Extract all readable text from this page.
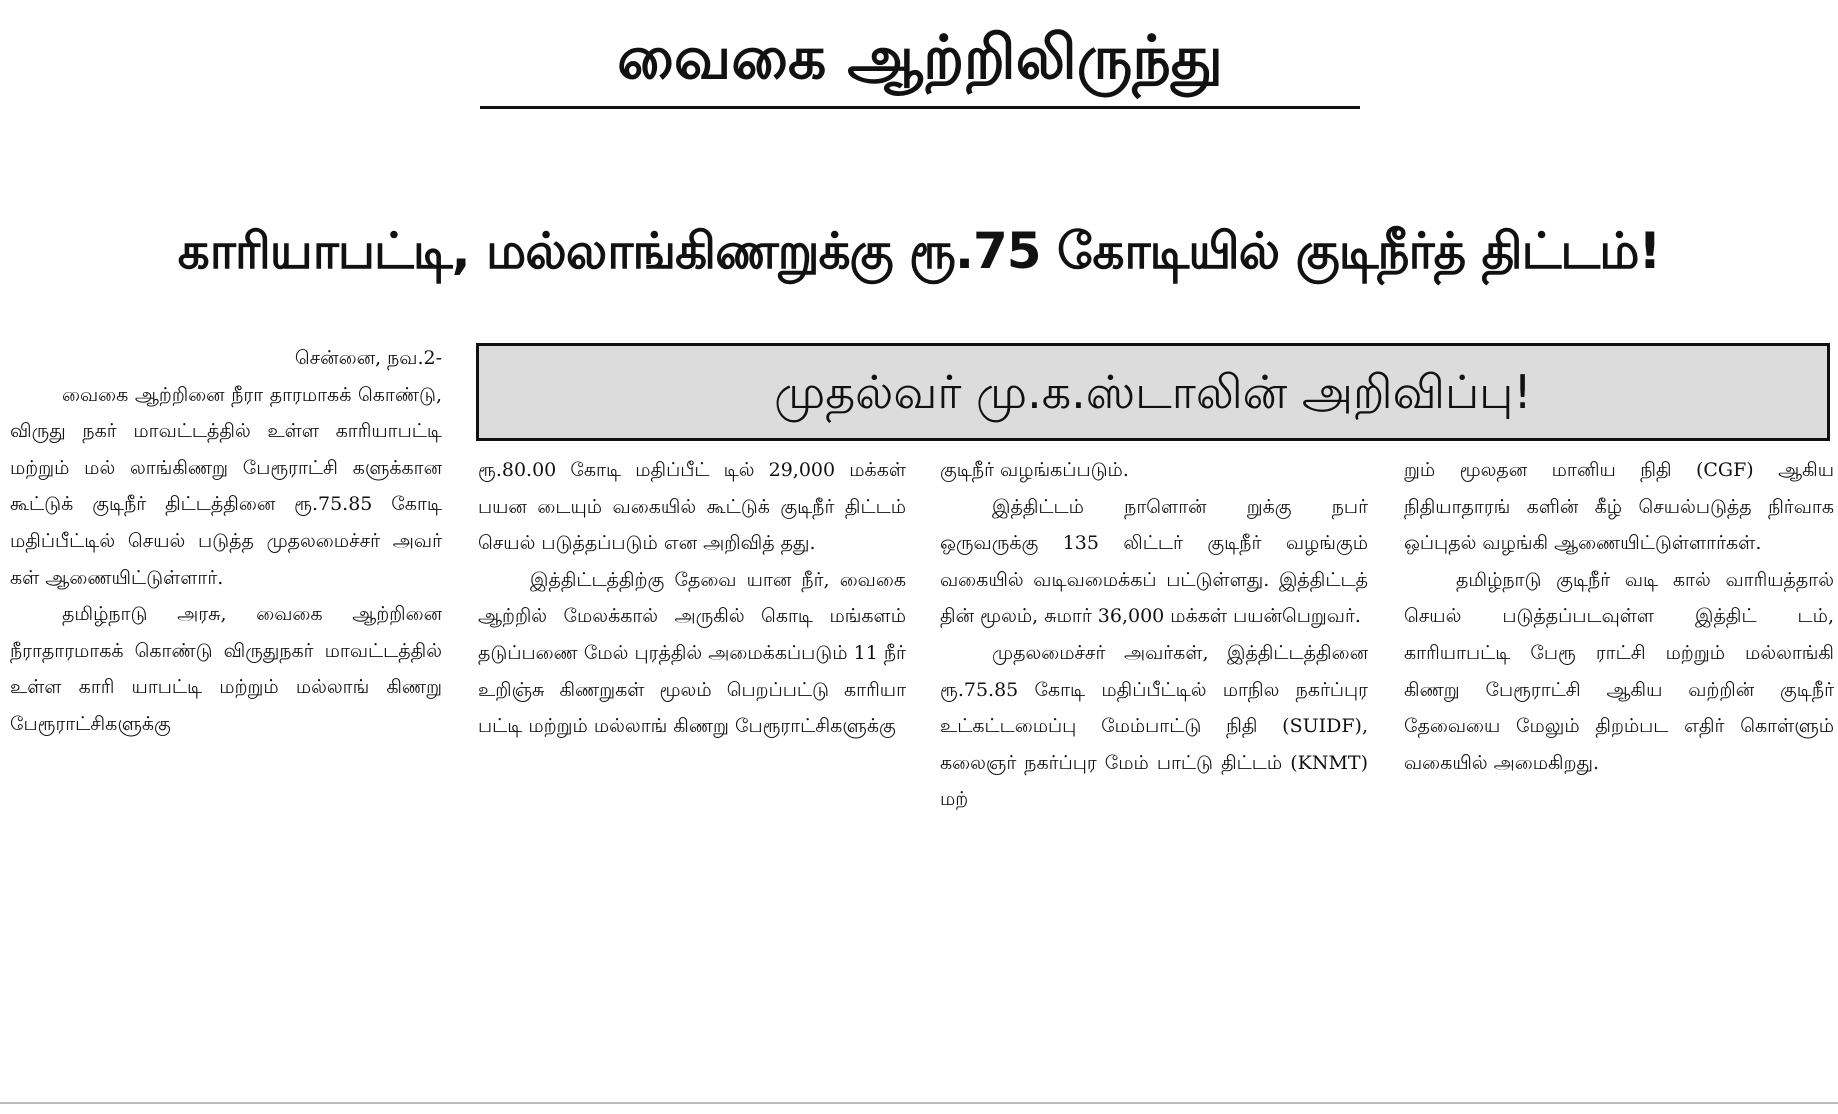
வைகை ஆற்றிலிருந்து
காரியாபட்டி, மல்லாங்கிணறுக்கு ரூ.75 கோடியில் குடிநீர்த் திட்டம்!
முதல்வர் மு.க.ஸ்டாலின் அறிவிப்பு!
சென்னை, நவ.2-

வைகை ஆற்றினை நீரா தாரமாகக் கொண்டு, விருது நகர் மாவட்டத்தில் உள்ள காரியாபட்டி மற்றும் மல் லாங்கிணறு பேரூராட்சி களுக்கான கூட்டுக் குடிநீர் திட்டத்தினை ரூ.75.85 கோடி மதிப்பீட்டில் செயல் படுத்த முதலமைச்சர் அவர் கள் ஆணையிட்டுள்ளார்.

தமிழ்நாடு அரசு, வைகை ஆற்றினை நீராதாரமாகக் கொண்டு விருதுநகர் மாவட்டத்தில் உள்ள காரி யாபட்டி மற்றும் மல்லாங் கிணறு பேரூராட்சிகளுக்கு

ரூ.80.00 கோடி மதிப்பீட் டில் 29,000 மக்கள் பயன டையும் வகையில் கூட்டுக் குடிநீர் திட்டம் செயல் படுத்தப்படும் என அறிவித் தது.

இத்திட்டத்திற்கு தேவை யான நீர், வைகை ஆற்றில் மேலக்கால் அருகில் கொடி மங்களம் தடுப்பணை மேல் புரத்தில் அமைக்கப்படும் 11 நீர் உறிஞ்சு கிணறுகள் மூலம் பெறப்பட்டு காரியா பட்டி மற்றும் மல்லாங் கிணறு பேரூராட்சிகளுக்கு

குடிநீர் வழங்கப்படும்.

இத்திட்டம் நாளொன் றுக்கு நபர் ஒருவருக்கு 135 லிட்டர் குடிநீர் வழங்கும் வகையில் வடிவமைக்கப் பட்டுள்ளது. இத்திட்டத் தின் மூலம், சுமார் 36,000 மக்கள் பயன்பெறுவர்.

முதலமைச்சர் அவர்கள், இத்திட்டத்தினை ரூ.75.85 கோடி மதிப்பீட்டில் மாநில நகர்ப்புர உட்கட்டமைப்பு மேம்பாட்டு நிதி (SUIDF), கலைஞர் நகர்ப்புர மேம் பாட்டு திட்டம் (KNMT) மற்

றும் மூலதன மானிய நிதி (CGF) ஆகிய நிதியாதாரங் களின் கீழ் செயல்படுத்த நிர்வாக ஒப்புதல் வழங்கி ஆணையிட்டுள்ளார்கள்.

தமிழ்நாடு குடிநீர் வடி கால் வாரியத்தால் செயல் படுத்தப்படவுள்ள இத்திட் டம், காரியாபட்டி பேரூ ராட்சி மற்றும் மல்லாங்கி கிணறு பேரூராட்சி ஆகிய வற்றின் குடிநீர் தேவையை மேலும் திறம்பட எதிர் கொள்ளும் வகையில் அமைகிறது.
